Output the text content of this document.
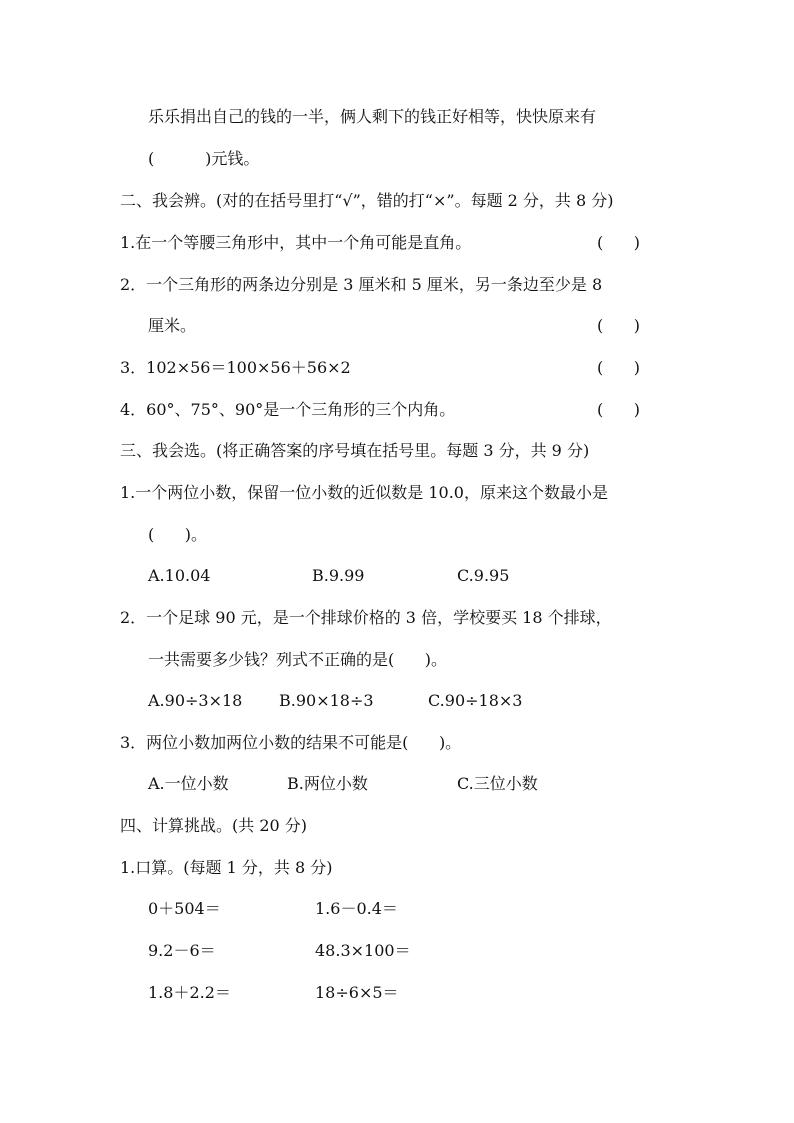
乐乐捐出自己的钱的一半，俩人剩下的钱正好相等，快快原来有
(          )元钱。
二、我会辨。(对的在括号里打“√”，错的打“×”。每题 2 分，共 8 分)
1.在一个等腰三角形中，其中一个角可能是直角。	(      )
2．一个三角形的两条边分别是 3 厘米和 5 厘米，另一条边至少是 8
厘米。	(      )
3．102×56＝100×56＋56×2	(      )
4．60°、75°、90°是一个三角形的三个内角。	(      )
三、我会选。(将正确答案的序号填在括号里。每题 3 分，共 9 分)
1.一个两位小数，保留一位小数的近似数是 10.0，原来这个数最小是
(      )。
A.10.04	B.9.99	C.9.95
2．一个足球 90 元，是一个排球价格的 3 倍，学校要买 18 个排球，
一共需要多少钱？列式不正确的是(      )。
A.90÷3×18 B.90×18÷3	C.90÷18×3
3．两位小数加两位小数的结果不可能是(      )。
A.一位小数	B.两位小数	C.三位小数
四、计算挑战。(共 20 分)
1.口算。(每题 1 分，共 8 分)
0＋504＝	1.6－0.4＝
9.2－6＝	48.3×100＝
1.8＋2.2＝	18÷6×5＝
